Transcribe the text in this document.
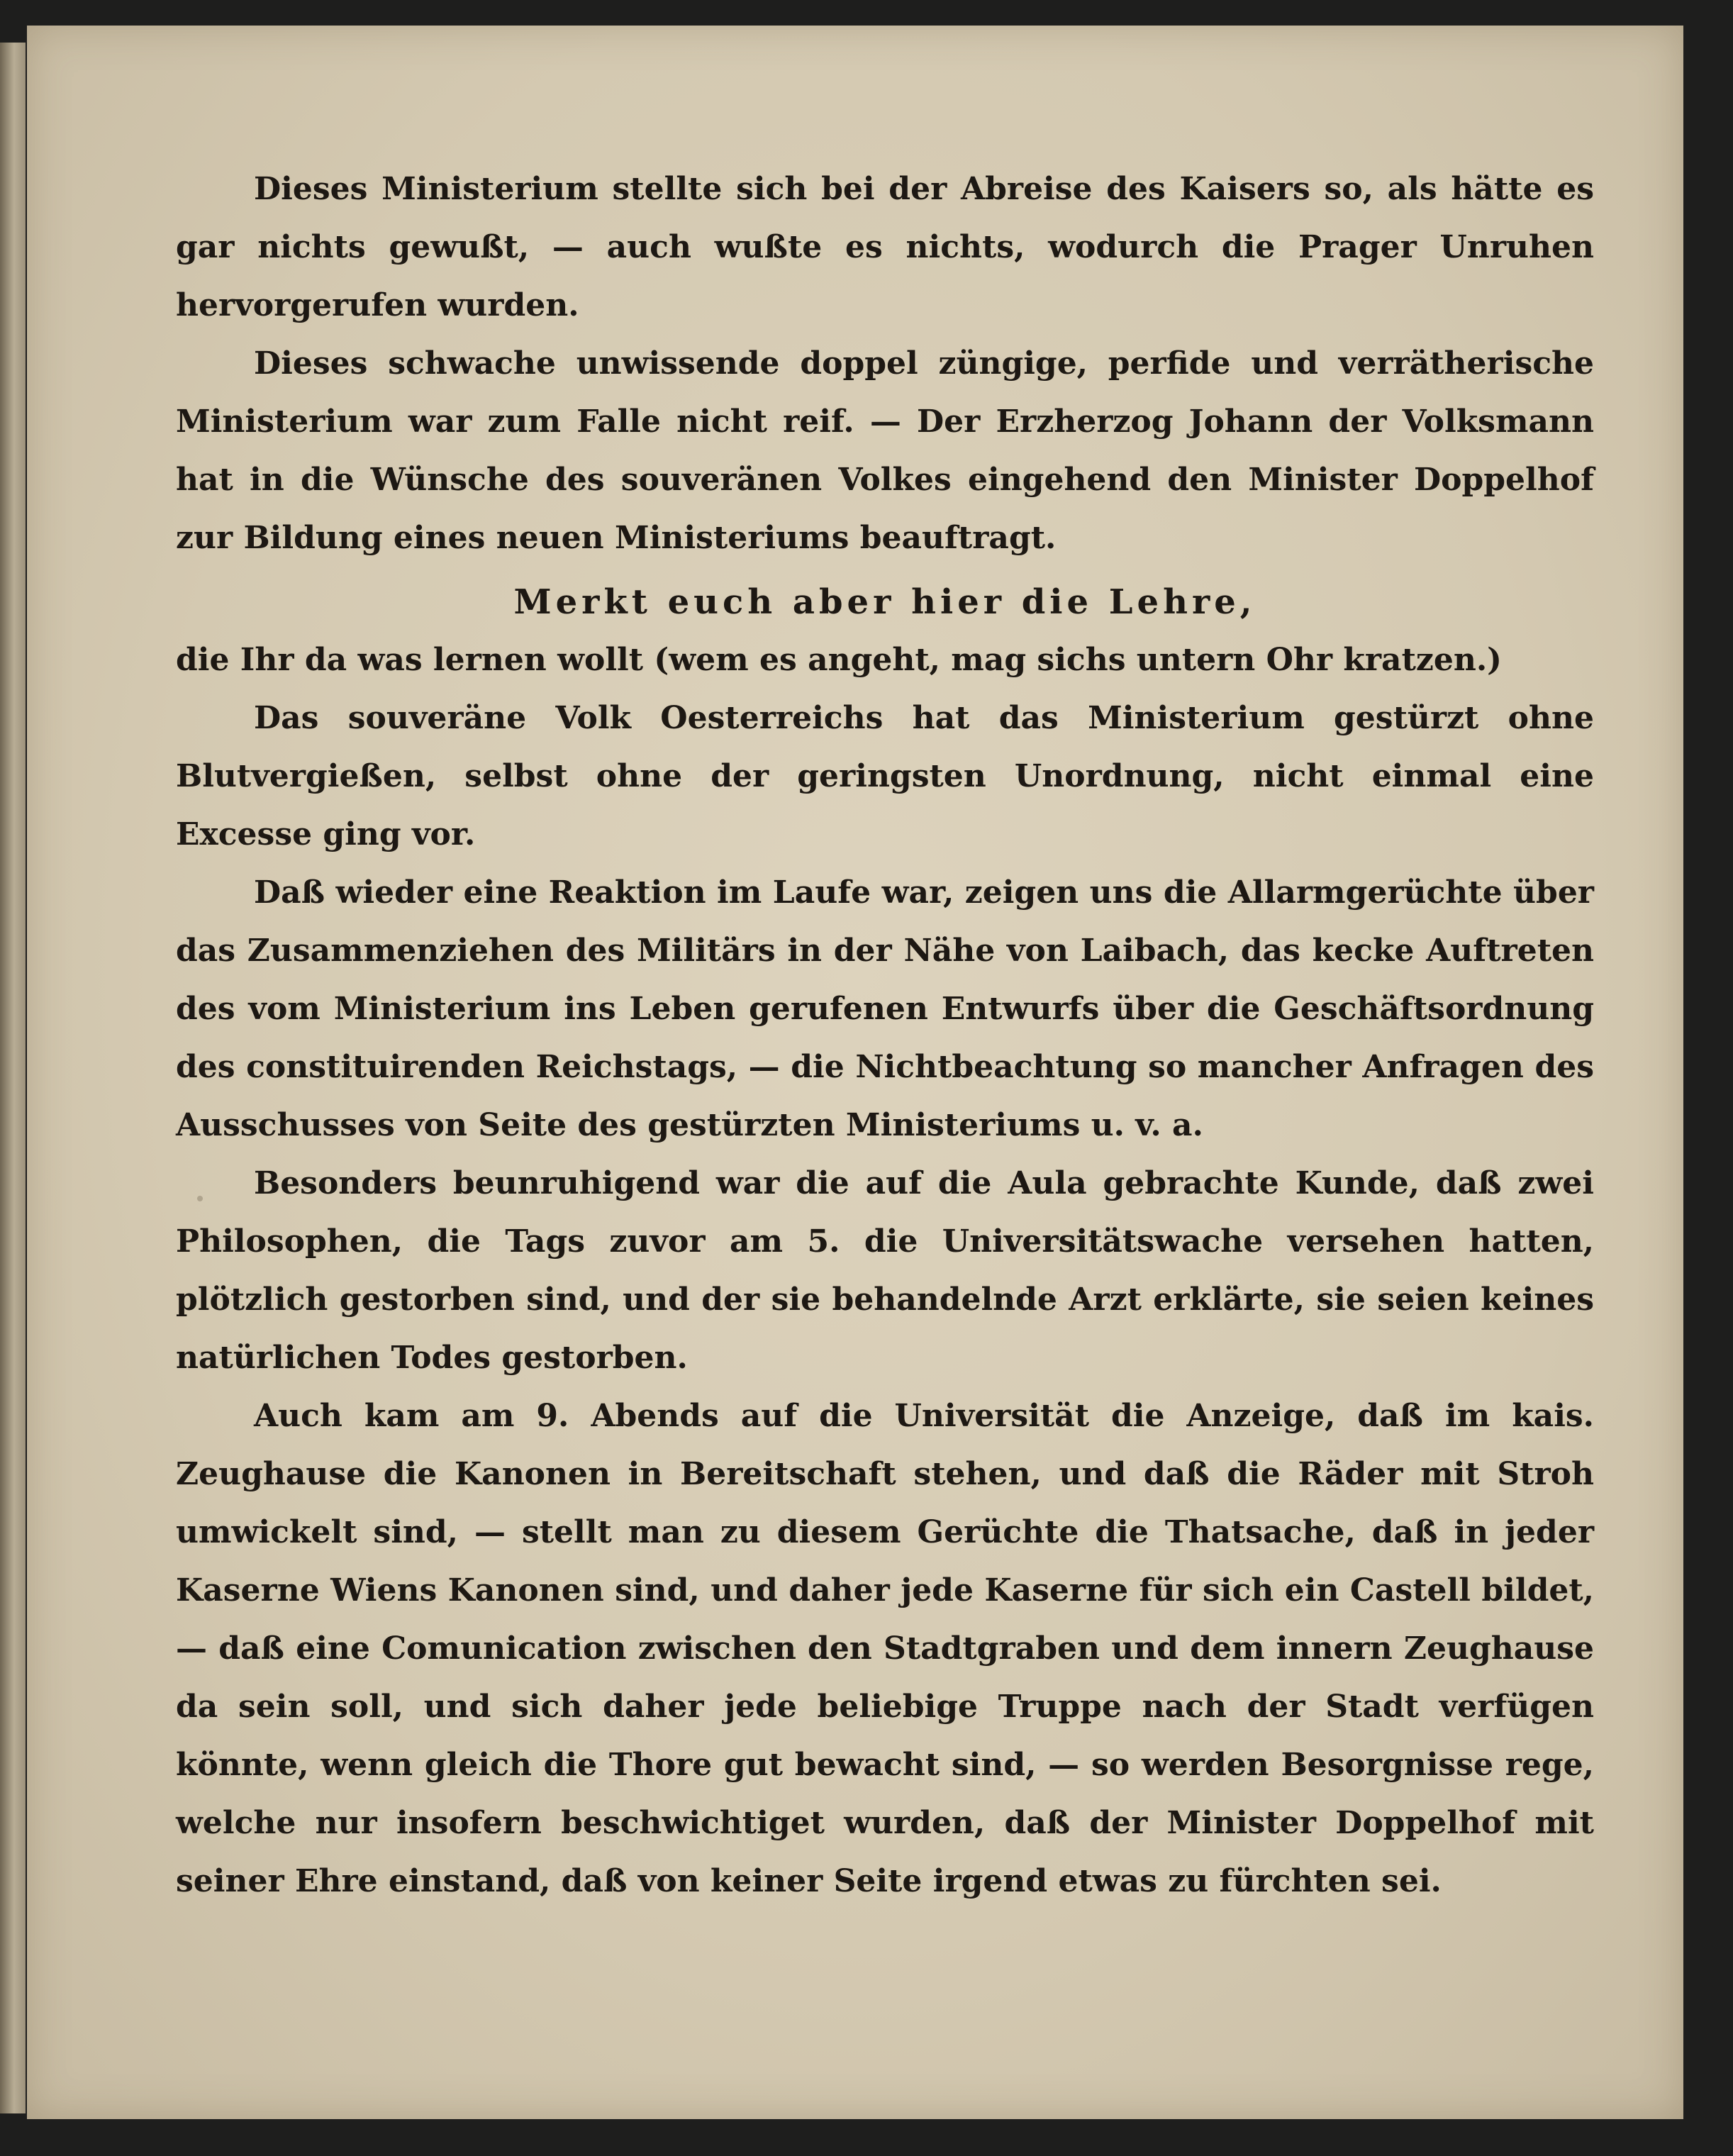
Dieses Ministerium stellte sich bei der Abreise des Kaisers so, als hätte es gar nichts gewußt, — auch wußte es nichts, wodurch die Prager Unruhen hervorgerufen wurden.

Dieses schwache unwissende doppel züngige, perfide und verrätherische Ministerium war zum Falle nicht reif. — Der Erzherzog Johann der Volksmann hat in die Wünsche des souveränen Volkes eingehend den Minister Doppelhof zur Bildung eines neuen Ministeriums beauftragt.

Merkt euch aber hier die Lehre,

die Ihr da was lernen wollt (wem es angeht, mag sichs untern Ohr kratzen.)

Das souveräne Volk Oesterreichs hat das Ministerium gestürzt ohne Blutvergießen, selbst ohne der geringsten Unordnung, nicht einmal eine Excesse ging vor.

Daß wieder eine Reaktion im Laufe war, zeigen uns die Allarmgerüchte über das Zusammenziehen des Militärs in der Nähe von Laibach, das kecke Auftreten des vom Ministerium ins Leben gerufenen Entwurfs über die Geschäftsordnung des constituirenden Reichstags, — die Nichtbeachtung so mancher Anfragen des Ausschusses von Seite des gestürzten Ministeriums u. v. a.

Besonders beunruhigend war die auf die Aula gebrachte Kunde, daß zwei Philosophen, die Tags zuvor am 5. die Universitätswache versehen hatten, plötzlich gestorben sind, und der sie behandelnde Arzt erklärte, sie seien keines natürlichen Todes gestorben.

Auch kam am 9. Abends auf die Universität die Anzeige, daß im kais. Zeughause die Kanonen in Bereitschaft stehen, und daß die Räder mit Stroh umwickelt sind, — stellt man zu diesem Gerüchte die Thatsache, daß in jeder Kaserne Wiens Kanonen sind, und daher jede Kaserne für sich ein Castell bildet, — daß eine Comunication zwischen den Stadtgraben und dem innern Zeughause da sein soll, und sich daher jede beliebige Truppe nach der Stadt verfügen könnte, wenn gleich die Thore gut bewacht sind, — so werden Besorgnisse rege, welche nur insofern beschwichtiget wurden, daß der Minister Doppelhof mit seiner Ehre einstand, daß von keiner Seite irgend etwas zu fürchten sei.
